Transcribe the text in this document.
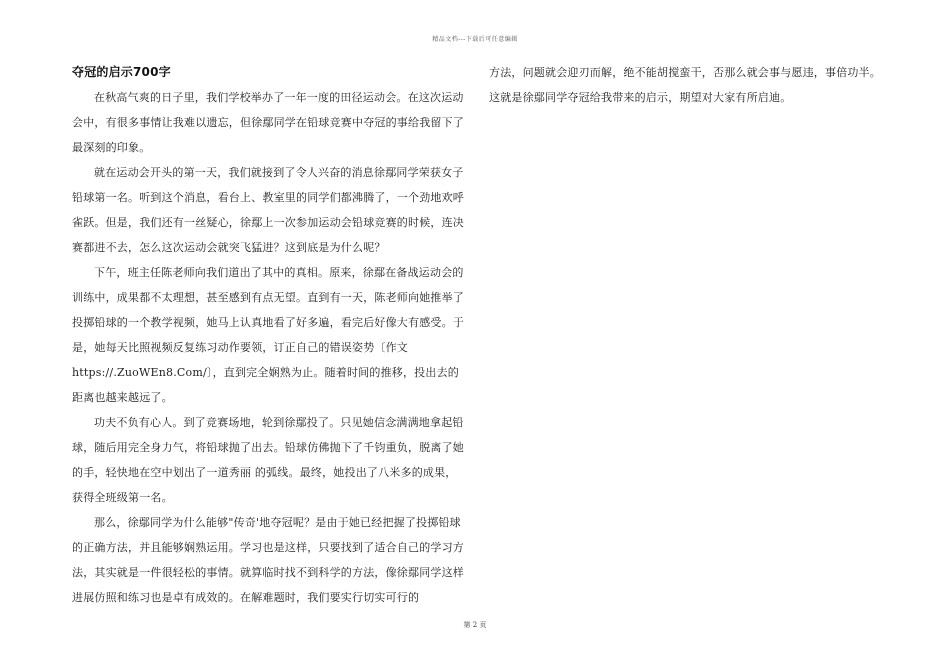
精品文档---下载后可任意编辑

夺冠的启示700字

在秋高气爽的日子里，我们学校举办了一年一度的田径运动会。在这次运动会中，有很多事情让我难以遗忘，但徐鄢同学在铅球竞赛中夺冠的事给我留下了最深刻的印象。

就在运动会开头的第一天，我们就接到了令人兴奋的消息徐鄢同学荣获女子铅球第一名。听到这个消息，看台上、教室里的同学们都沸腾了，一个劲地欢呼雀跃。但是，我们还有一丝疑心，徐鄢上一次参加运动会铅球竞赛的时候，连决赛都进不去，怎么这次运动会就突飞猛进？这到底是为什么呢？

下午，班主任陈老师向我们道出了其中的真相。原来，徐鄢在备战运动会的训练中，成果都不太理想，甚至感到有点无望。直到有一天，陈老师向她推举了投掷铅球的一个教学视频，她马上认真地看了好多遍，看完后好像大有感受。于是，她每天比照视频反复练习动作要领，订正自己的错误姿势〔作文https://.ZuoWEn8.Com/〕，直到完全娴熟为止。随着时间的推移，投出去的距离也越来越远了。

功夫不负有心人。到了竞赛场地，轮到徐鄢投了。只见她信念满满地拿起铅球，随后用完全身力气，将铅球抛了出去。铅球仿佛抛下了千钧重负，脱离了她的手，轻快地在空中划出了一道秀丽 的弧线。最终，她投出了八米多的成果，获得全班级第一名。

那么，徐鄢同学为什么能够"传奇'地夺冠呢？是由于她已经把握了投掷铅球的正确方法，并且能够娴熟运用。学习也是这样，只要找到了适合自己的学习方法，其实就是一件很轻松的事情。就算临时找不到科学的方法，像徐鄢同学这样进展仿照和练习也是卓有成效的。在解难题时，我们要实行切实可行的

方法，问题就会迎刃而解，绝不能胡搅蛮干，否那么就会事与愿违，事倍功半。这就是徐鄢同学夺冠给我带来的启示，期望对大家有所启迪。

第 2 页
